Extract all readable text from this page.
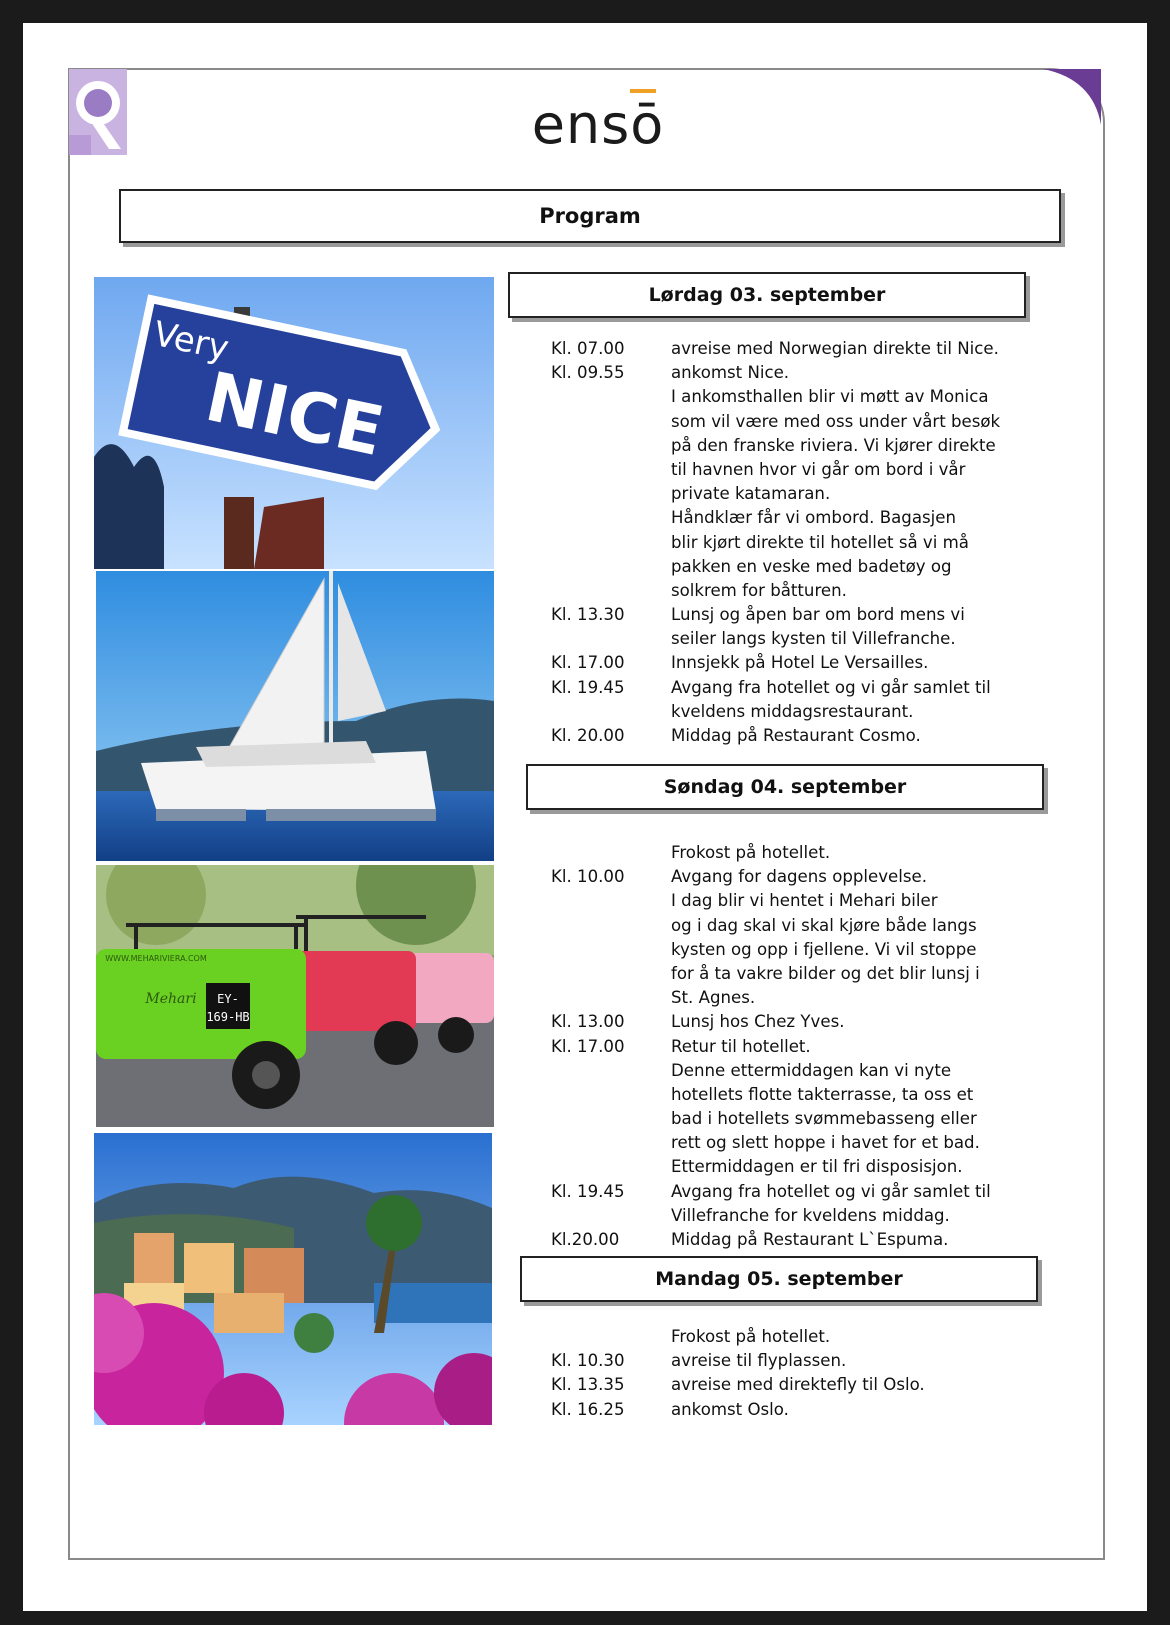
ensō
Program
Very
NICE
EY-
169-HB
Mehari
WWW.MEHARIVIERA.COM
Lørdag 03. september
Kl. 07.00	avreise med Norwegian direkte til Nice.
Kl. 09.55	ankomst Nice.
I ankomsthallen blir vi møtt av Monica
som vil være med oss under vårt besøk
på den franske riviera. Vi kjører direkte
til havnen hvor vi går om bord i vår
private katamaran.
Håndklær får vi ombord. Bagasjen
blir kjørt direkte til hotellet så vi må
pakken en veske med badetøy og
solkrem for båtturen.
Kl. 13.30	Lunsj og åpen bar om bord mens vi
seiler langs kysten til Villefranche.
Kl. 17.00	Innsjekk på Hotel Le Versailles.
Kl. 19.45	Avgang fra hotellet og vi går samlet til
kveldens middagsrestaurant.
Kl. 20.00	Middag på Restaurant Cosmo.
Søndag 04. september
Frokost på hotellet.
Kl. 10.00	Avgang for dagens opplevelse.
I dag blir vi hentet i Mehari biler
og i dag skal vi skal kjøre både langs
kysten og opp i fjellene. Vi vil stoppe
for å ta vakre bilder og det blir lunsj i
St. Agnes.
Kl. 13.00	Lunsj hos Chez Yves.
Kl. 17.00	Retur til hotellet.
Denne ettermiddagen kan vi nyte
hotellets flotte takterrasse, ta oss et
bad i hotellets svømmebasseng eller
rett og slett hoppe i havet for et bad.
Ettermiddagen er til fri disposisjon.
Kl. 19.45	Avgang fra hotellet og vi går samlet til
Villefranche for kveldens middag.
Kl.20.00	Middag på Restaurant L`Espuma.
Mandag 05. september
Frokost på hotellet.
Kl. 10.30	avreise til flyplassen.
Kl. 13.35	avreise med direktefly til Oslo.
Kl. 16.25	ankomst Oslo.
